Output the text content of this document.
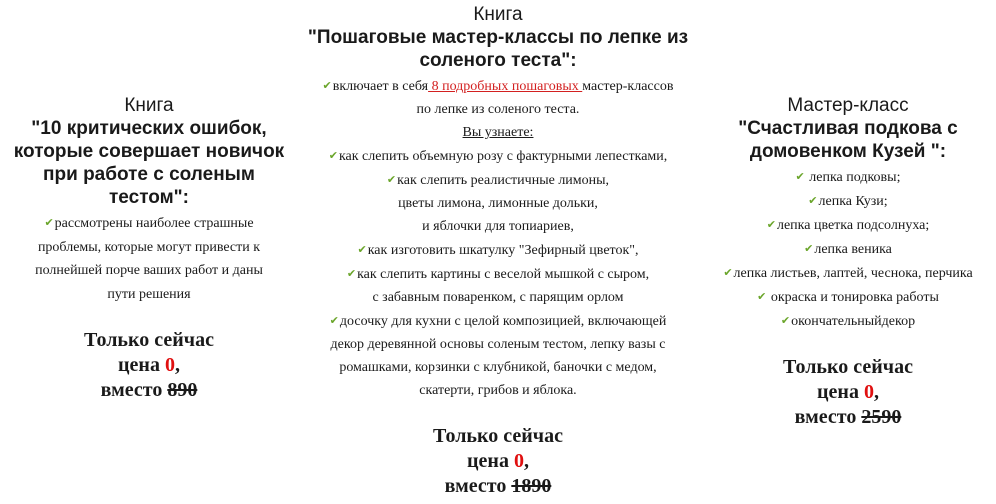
Книга
"10 критических ошибок,
которые совершает новичок
при работе с соленым
тестом":
✔рассмотрены наиболее страшные
проблемы, которые могут привести к
полнейшей порче ваших работ и даны
пути решения
Только сейчас
цена 0,
вместо 890
Книга
"Пошаговые мастер-классы по лепке из
соленого теста":
✔включает в себя 8 подробных пошаговых мастер-классов
по лепке из соленого теста.
Вы узнаете:
✔как слепить объемную розу с фактурными лепестками,
✔как слепить реалистичные лимоны,
цветы лимона, лимонные дольки,
и яблочки для топиариев,
✔как изготовить шкатулку "Зефирный цветок",
✔как слепить картины с веселой мышкой с сыром,
с забавным поваренком, с парящим орлом
✔досочку для кухни с целой композицией, включающей
декор деревянной основы соленым тестом, лепку вазы с
ромашками, корзинки с клубникой, баночки с медом,
скатерти, грибов и яблока.
Только сейчас
цена 0,
вместо 1890
Мастер-класс
"Счастливая подкова с
домовенком Кузей ":
✔ лепка подковы;
✔лепка Кузи;
✔лепка цветка подсолнуха;
✔лепка веника
✔лепка листьев, лаптей, чеснока, перчика
✔ окраска и тонировка работы
✔окончательныйдекор
Только сейчас
цена 0,
вместо 2590
